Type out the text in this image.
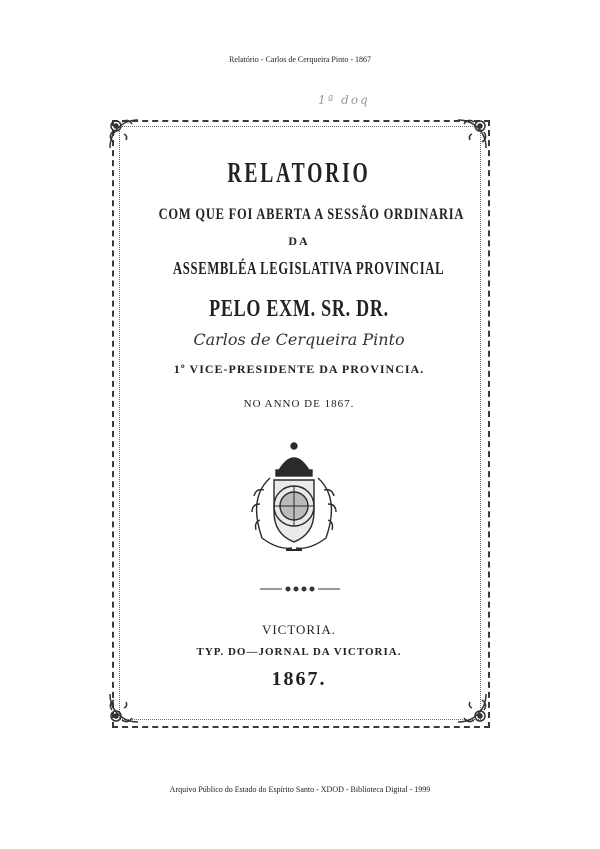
Relatório - Carlos de Cerqueira Pinto - 1867
1ª doq
RELATORIO
COM QUE FOI ABERTA A SESSÃO ORDINARIA
DA
ASSEMBLÉA LEGISLATIVA PROVINCIAL
PELO EXM. SR. DR.
Carlos de Cerqueira Pinto
1º VICE-PRESIDENTE DA PROVINCIA.
NO ANNO DE 1867.
VICTORIA.
TYP. DO—JORNAL DA VICTORIA.
1867.
Arquivo Público do Estado do Espírito Santo - XDOD - Biblioteca Digital - 1999
